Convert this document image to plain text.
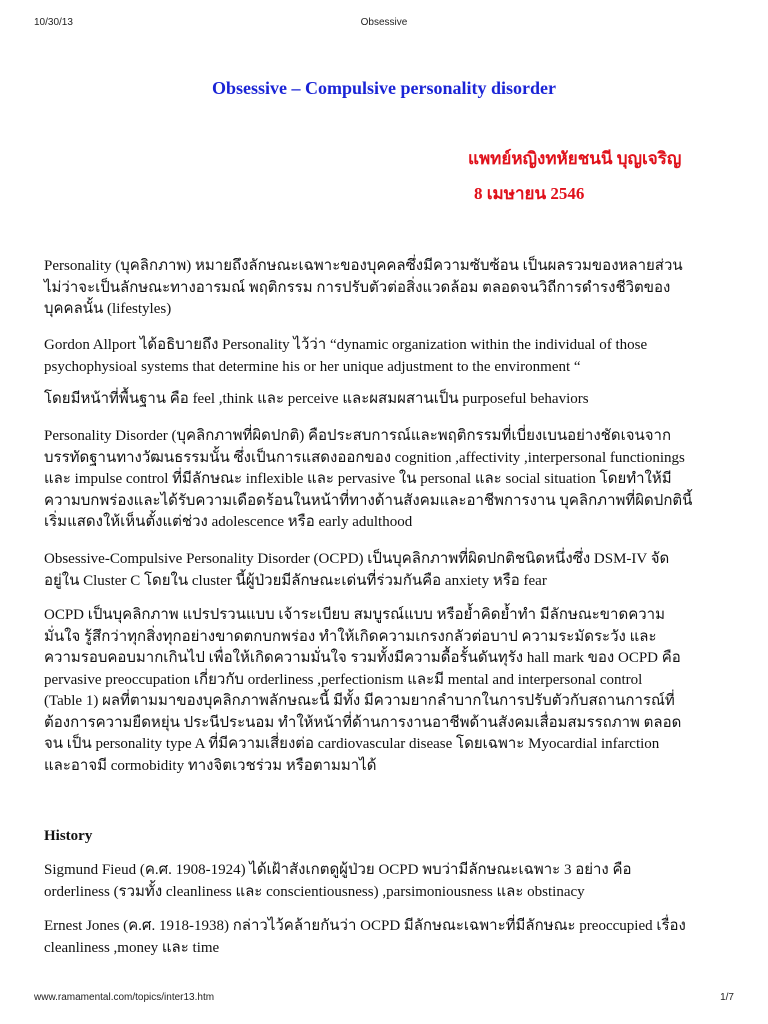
10/30/13	Obsessive
Obsessive – Compulsive personality disorder
แพทย์หญิงทหัยชนนี บุญเจริญ
8 เมษายน 2546

Personality (บุคลิกภาพ) หมายถึงลักษณะเฉพาะของบุคคลซึ่งมีความซับซ้อน เป็นผลรวมของหลายส่วน
ไม่ว่าจะเป็นลักษณะทางอารมณ์ พฤติกรรม การปรับตัวต่อสิ่งแวดล้อม ตลอดจนวิถีการดำรงชีวิตของ
บุคคลนั้น (lifestyles)

Gordon Allport ได้อธิบายถึง Personality ไว้ว่า “dynamic organization within the individual of those
psychophysioal systems that determine his or her unique adjustment to the environment “

โดยมีหน้าที่พื้นฐาน คือ feel ,think และ perceive และผสมผสานเป็น purposeful behaviors

Personality Disorder (บุคลิกภาพที่ผิดปกติ) คือประสบการณ์และพฤติกรรมที่เบี่ยงเบนอย่างชัดเจนจาก
บรรทัดฐานทางวัฒนธรรมนั้น ซึ่งเป็นการแสดงออกของ cognition ,affectivity ,interpersonal functionings
และ impulse control ที่มีลักษณะ inflexible และ pervasive ใน personal และ social situation โดยทำให้มี
ความบกพร่องและได้รับความเดือดร้อนในหน้าที่ทางด้านสังคมและอาชีพการงาน บุคลิกภาพที่ผิดปกตินี้
เริ่มแสดงให้เห็นตั้งแต่ช่วง adolescence หรือ early adulthood

Obsessive-Compulsive Personality Disorder (OCPD) เป็นบุคลิกภาพที่ผิดปกติชนิดหนึ่งซึ่ง DSM-IV จัด
อยู่ใน Cluster C โดยใน cluster นี้ผู้ป่วยมีลักษณะเด่นที่ร่วมกันคือ anxiety หรือ fear

OCPD เป็นบุคลิกภาพ แปรปรวนแบบ เจ้าระเบียบ สมบูรณ์แบบ หรือย้ำคิดย้ำทำ มีลักษณะขาดความ
มั่นใจ รู้สึกว่าทุกสิ่งทุกอย่างขาดตกบกพร่อง ทำให้เกิดความเกรงกลัวต่อบาป ความระมัดระวัง และ
ความรอบคอบมากเกินไป เพื่อให้เกิดความมั่นใจ รวมทั้งมีความดื้อรั้นดันทุรัง hall mark ของ OCPD คือ
pervasive preoccupation เกี่ยวกับ orderliness ,perfectionism และมี mental and interpersonal control
(Table 1) ผลที่ตามมาของบุคลิกภาพลักษณะนี้ มีทั้ง มีความยากลำบากในการปรับตัวกับสถานการณ์ที่
ต้องการความยืดหยุ่น ประนีประนอม ทำให้หน้าที่ด้านการงานอาชีพด้านสังคมเสื่อมสมรรถภาพ ตลอด
จน เป็น personality type A ที่มีความเสี่ยงต่อ cardiovascular disease โดยเฉพาะ Myocardial infarction
และอาจมี cormobidity ทางจิตเวชร่วม หรือตามมาได้

History

Sigmund Fieud (ค.ศ. 1908-1924) ได้เฝ้าสังเกตดูผู้ป่วย OCPD พบว่ามีลักษณะเฉพาะ 3 อย่าง คือ
orderliness (รวมทั้ง cleanliness และ conscientiousness) ,parsimoniousness และ obstinacy

Ernest Jones (ค.ศ. 1918-1938) กล่าวไว้คล้ายกันว่า OCPD มีลักษณะเฉพาะที่มีลักษณะ preoccupied เรื่อง
cleanliness ,money และ time

www.ramamental.com/topics/inter13.htm	1/7
